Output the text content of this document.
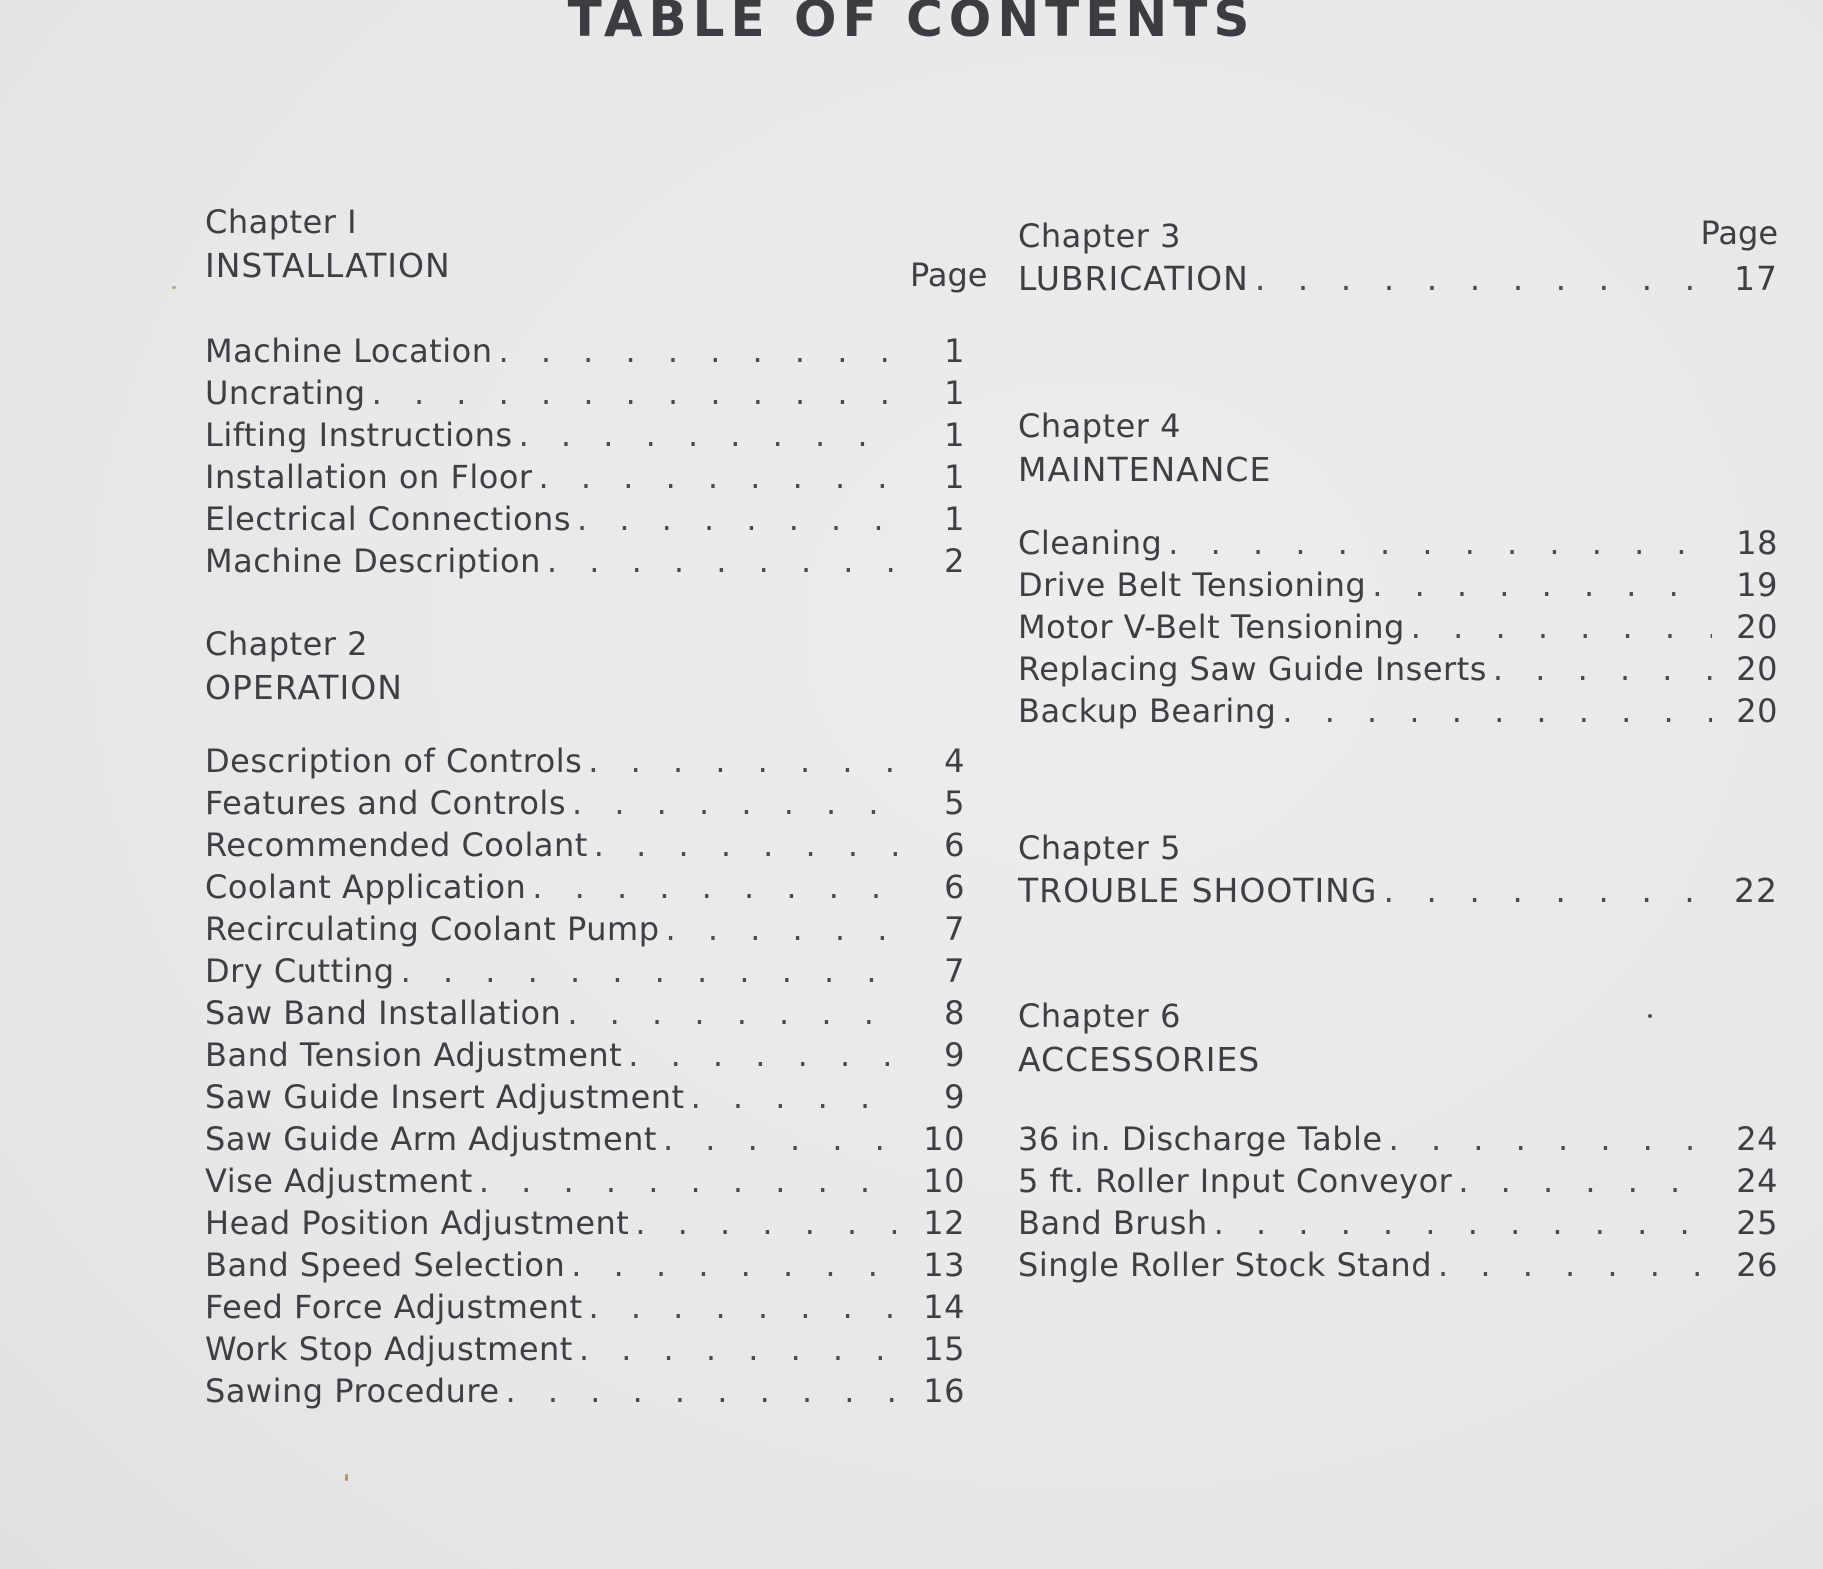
TABLE OF CONTENTS
Chapter I
INSTALLATION	Page
Machine Location . . .	1
Uncrating . . .	1
Lifting Instructions . . .	1
Installation on Floor . . .	1
Electrical Connections . . .	1
Machine Description . . .	2
Chapter 2
OPERATION
Description of Controls . . .	4
Features and Controls . . .	5
Recommended Coolant . . .	6
Coolant Application . . .	6
Recirculating Coolant Pump . . .	7
Dry Cutting . . .	7
Saw Band Installation . . .	8
Band Tension Adjustment . . .	9
Saw Guide Insert Adjustment . . .	9
Saw Guide Arm Adjustment . . .	10
Vise Adjustment . . .	10
Head Position Adjustment . . .	12
Band Speed Selection . . .	13
Feed Force Adjustment . . .	14
Work Stop Adjustment . . .	15
Sawing Procedure . . .	16
Chapter 3	Page
LUBRICATION . . .	17
Chapter 4
MAINTENANCE
Cleaning . . .	18
Drive Belt Tensioning . . .	19
Motor V-Belt Tensioning . . .	20
Replacing Saw Guide Inserts . . .	20
Backup Bearing . . .	20
Chapter 5
TROUBLE SHOOTING . . .	22
Chapter 6
ACCESSORIES
36 in. Discharge Table . . .	24
5 ft. Roller Input Conveyor . . .	24
Band Brush . . .	25
Single Roller Stock Stand . . .	26
